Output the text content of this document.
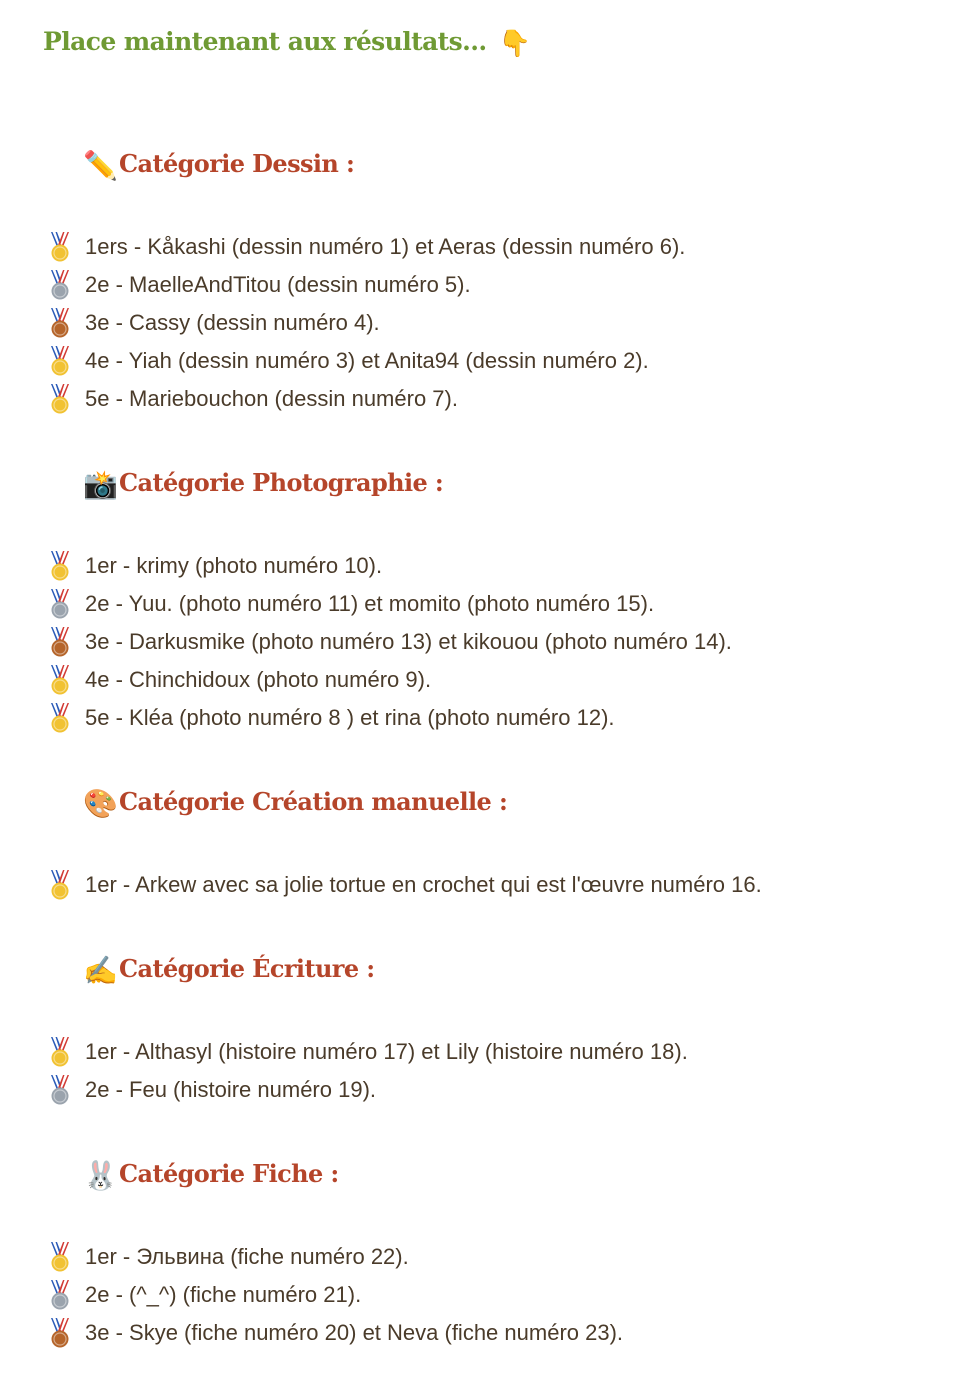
Place maintenant aux résultats… 👇
✏️Catégorie Dessin :
1ers - Kåkashi (dessin numéro 1) et Aeras (dessin numéro 6).
2e - MaelleAndTitou (dessin numéro 5).
3e - Cassy (dessin numéro 4).
4e - Yiah (dessin numéro 3) et Anita94 (dessin numéro 2).
5e - Mariebouchon (dessin numéro 7).
📸Catégorie Photographie :
1er - krimy (photo numéro 10).
2e - Yuu. (photo numéro 11) et momito (photo numéro 15).
3e - Darkusmike (photo numéro 13) et kikouou (photo numéro 14).
4e - Chinchidoux (photo numéro 9).
5e - Kléa (photo numéro 8 ) et rina (photo numéro 12).
🎨Catégorie Création manuelle :
1er - Arkew avec sa jolie tortue en crochet qui est l'œuvre numéro 16.
✍️Catégorie Écriture :
1er - Althasyl (histoire numéro 17) et Lily (histoire numéro 18).
2e - Feu (histoire numéro 19).
🐰Catégorie Fiche :
1er - Эльвина (fiche numéro 22).
2e - (^_^) (fiche numéro 21).
3e - Skye (fiche numéro 20) et Neva (fiche numéro 23).
